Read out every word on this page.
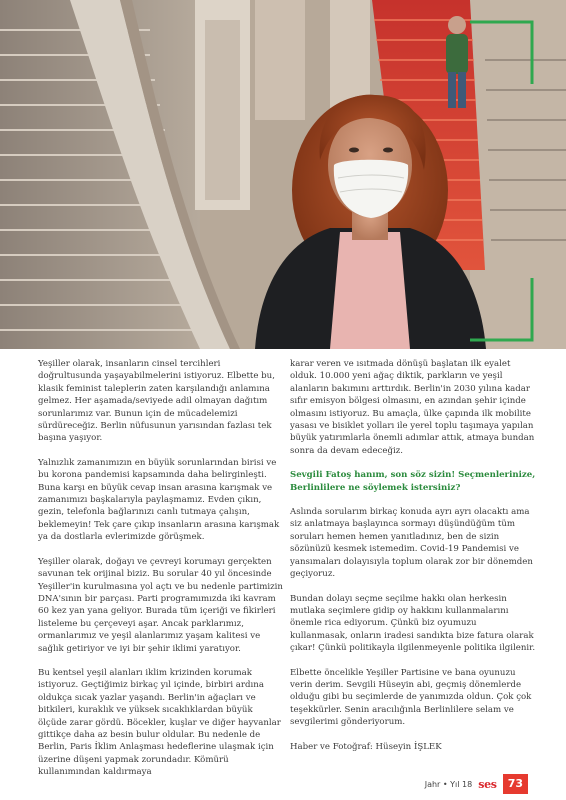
Yeşiller olarak, insanların cinsel tercihleri doğrultusunda yaşayabilmelerini istiyoruz. Elbette bu, klasik feminist taleplerin zaten karşılandığı anlamına gelmez. Her aşamada/seviyede adil olmayan dağıtım sorunlarımız var. Bunun için de mücadelemizi sürdüreceğiz. Berlin nüfusunun yarısından fazlası tek başına yaşıyor.

Yalnızlık zamanımızın en büyük sorunlarından birisi ve bu korona pandemisi kapsamında daha belirginleşti. Buna karşı en büyük cevap insan arasına karışmak ve zamanımızı başkalarıyla paylaşmamız. Evden çıkın, gezin, telefonla bağlarınızı canlı tutmaya çalışın, beklemeyin! Tek çare çıkıp insanların arasına karışmak ya da dostlarla evlerimizde görüşmek.

Yeşiller olarak, doğayı ve çevreyi korumayı gerçekten savunan tek orijinal biziz. Bu sorular 40 yıl öncesinde Yeşiller'in kurulmasına yol açtı ve bu nedenle partimizin DNA'sının bir parçası. Parti programımızda iki kavram 60 kez yan yana geliyor. Burada tüm içeriği ve fikirleri listeleme bu çerçeveyi aşar. Ancak parklarımız, ormanlarımız ve yeşil alanlarımız yaşam kalitesi ve sağlık getiriyor ve iyi bir şehir iklimi yaratıyor.

Bu kentsel yeşil alanları iklim krizinden korumak istiyoruz. Geçtiğimiz birkaç yıl içinde, birbiri ardına oldukça sıcak yazlar yaşandı. Berlin'in ağaçları ve bitkileri, kuraklık ve yüksek sıcaklıklardan büyük ölçüde zarar gördü. Böcekler, kuşlar ve diğer hayvanlar gittikçe daha az besin bulur oldular. Bu nedenle de Berlin, Paris İklim Anlaşması hedeflerine ulaşmak için üzerine düşeni yapmak zorundadır. Kömürü kullanımından kaldırmaya

karar veren ve ısıtmada dönüşü başlatan ilk eyalet olduk. 10.000 yeni ağaç diktik, parkların ve yeşil alanların bakımını arttırdık. Berlin'in 2030 yılına kadar sıfır emisyon bölgesi olmasını, en azından şehir içinde olmasını istiyoruz. Bu amaçla, ülke çapında ilk mobilite yasası ve bisiklet yolları ile yerel toplu taşımaya yapılan büyük yatırımlarla önemli adımlar attık, atmaya bundan sonra da devam edeceğiz.

Sevgili Fatoş hanım, son söz sizin! Seçmenlerinize, Berlinlilere ne söylemek istersiniz?

Aslında sorularım birkaç konuda ayrı ayrı olacaktı ama siz anlatmaya başlayınca sormayı düşündüğüm tüm soruları hemen hemen yanıtladınız, ben de sizin sözünüzü kesmek istemedim. Covid-19 Pandemisi ve yansımaları dolayısıyla toplum olarak zor bir dönemden geçiyoruz.

Bundan dolayı seçme seçilme hakkı olan herkesin mutlaka seçimlere gidip oy hakkını kullanmalarını önemle rica ediyorum. Çünkü biz oyumuzu kullanmasak, onların iradesi sandıkta bize fatura olarak çıkar! Çünkü politikayla ilgilenmeyenle politika ilgilenir.

Elbette öncelikle Yeşiller Partisine ve bana oyunuzu verin derim. Sevgili Hüseyin abi, geçmiş dönemlerde olduğu gibi bu seçimlerde de yanımızda oldun. Çok çok teşekkürler. Senin aracılığınla Berlinlilere selam ve sevgilerimi gönderiyorum.

Haber ve Fotoğraf: Hüseyin İŞLEK

Jahr • Yıl 18 ses	73
